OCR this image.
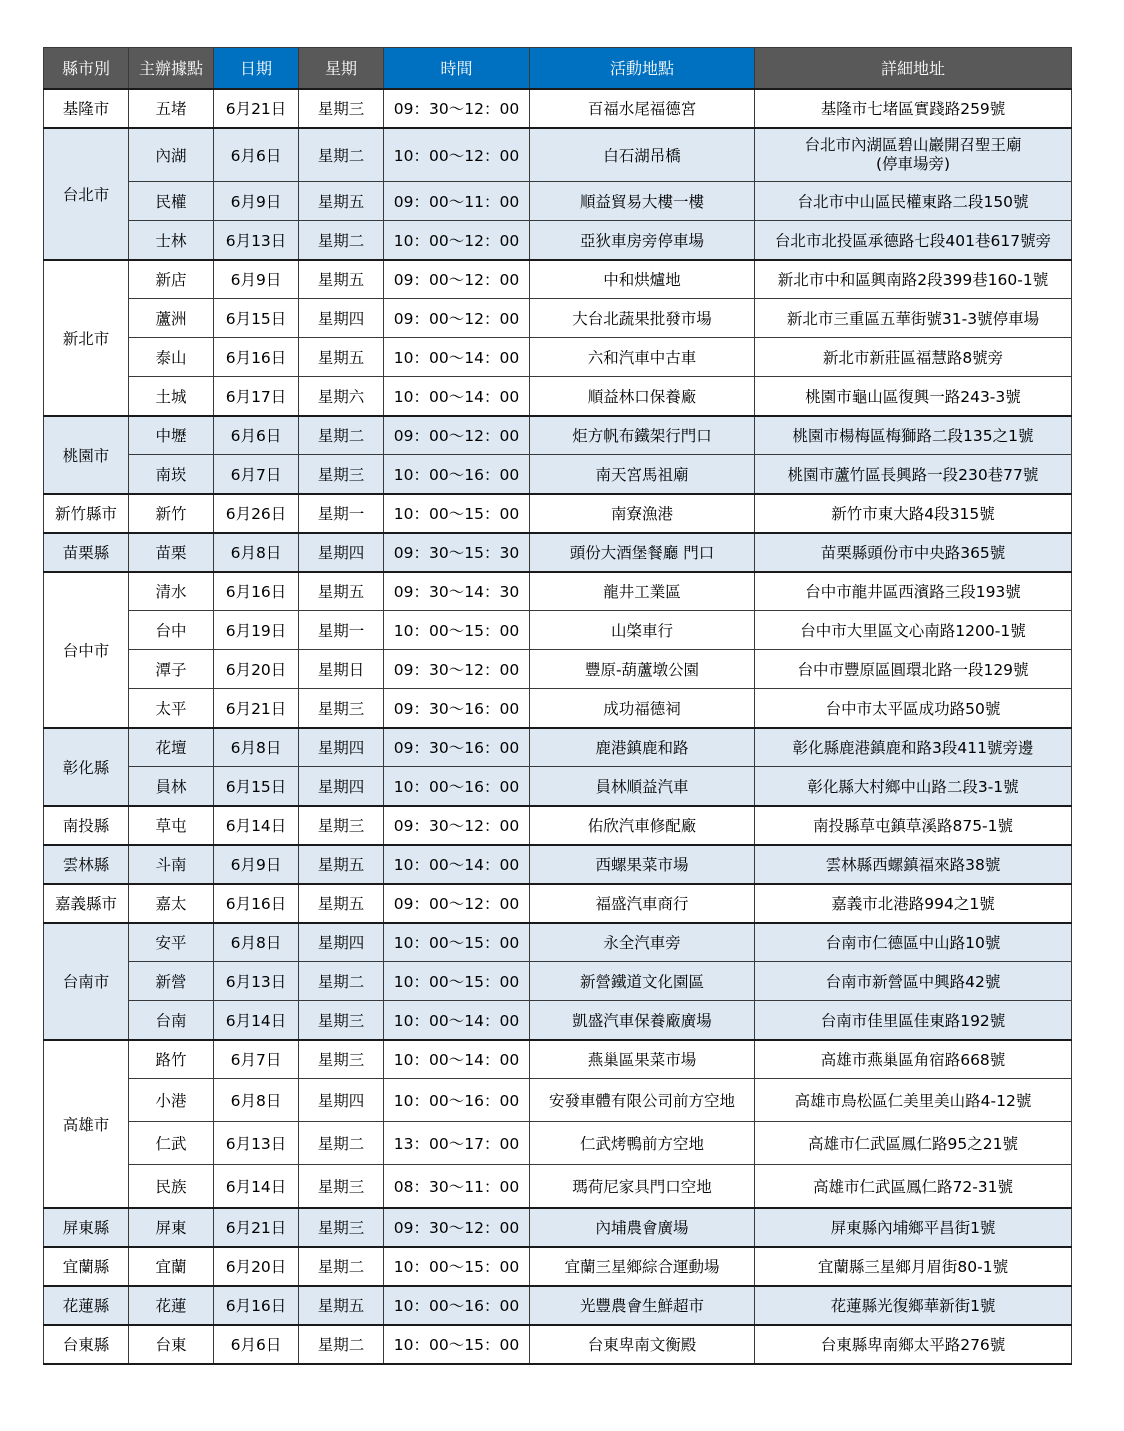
縣市別	主辦據點	日期	星期	時間	活動地點	詳細地址
基隆市	五堵	6月21日	星期三	09：30～12：00	百福水尾福德宮	基隆市七堵區實踐路259號
台北市	內湖	6月6日	星期二	10：00～12：00	白石湖吊橋	台北市內湖區碧山巖開召聖王廟
(停車場旁)
	民權	6月9日	星期五	09：00～11：00	順益貿易大樓一樓	台北市中山區民權東路二段150號
	士林	6月13日	星期二	10：00～12：00	亞狄車房旁停車場	台北市北投區承德路七段401巷617號旁
新北市	新店	6月9日	星期五	09：00～12：00	中和烘爐地	新北市中和區興南路2段399巷160-1號
	蘆洲	6月15日	星期四	09：00～12：00	大台北蔬果批發市場	新北市三重區五華街號31-3號停車場
	泰山	6月16日	星期五	10：00～14：00	六和汽車中古車	新北市新莊區福慧路8號旁
	土城	6月17日	星期六	10：00～14：00	順益林口保養廠	桃園市龜山區復興一路243-3號
桃園市	中壢	6月6日	星期二	09：00～12：00	炬方帆布鐵架行門口	桃園市楊梅區梅獅路二段135之1號
	南崁	6月7日	星期三	10：00～16：00	南天宮馬祖廟	桃園市蘆竹區長興路一段230巷77號
新竹縣市	新竹	6月26日	星期一	10：00～15：00	南寮漁港	新竹市東大路4段315號
苗栗縣	苗栗	6月8日	星期四	09：30～15：30	頭份大酒堡餐廳 門口	苗栗縣頭份市中央路365號
台中市	清水	6月16日	星期五	09：30～14：30	龍井工業區	台中市龍井區西濱路三段193號
	台中	6月19日	星期一	10：00～15：00	山棨車行	台中市大里區文心南路1200-1號
	潭子	6月20日	星期日	09：30～12：00	豐原-葫蘆墩公園	台中市豐原區圓環北路一段129號
	太平	6月21日	星期三	09：30～16：00	成功福德祠	台中市太平區成功路50號
彰化縣	花壇	6月8日	星期四	09：30～16：00	鹿港鎮鹿和路	彰化縣鹿港鎮鹿和路3段411號旁邊
	員林	6月15日	星期四	10：00～16：00	員林順益汽車	彰化縣大村鄉中山路二段3-1號
南投縣	草屯	6月14日	星期三	09：30～12：00	佑欣汽車修配廠	南投縣草屯鎮草溪路875-1號
雲林縣	斗南	6月9日	星期五	10：00～14：00	西螺果菜市場	雲林縣西螺鎮福來路38號
嘉義縣市	嘉太	6月16日	星期五	09：00～12：00	福盛汽車商行	嘉義市北港路994之1號
台南市	安平	6月8日	星期四	10：00～15：00	永全汽車旁	台南市仁德區中山路10號
	新營	6月13日	星期二	10：00～15：00	新營鐵道文化園區	台南市新營區中興路42號
	台南	6月14日	星期三	10：00～14：00	凱盛汽車保養廠廣場	台南市佳里區佳東路192號
高雄市	路竹	6月7日	星期三	10：00～14：00	燕巢區果菜市場	高雄市燕巢區角宿路668號
	小港	6月8日	星期四	10：00～16：00	安發車體有限公司前方空地	高雄市鳥松區仁美里美山路4-12號
	仁武	6月13日	星期二	13：00～17：00	仁武烤鴨前方空地	高雄市仁武區鳳仁路95之21號
	民族	6月14日	星期三	08：30～11：00	瑪荷尼家具門口空地	高雄市仁武區鳳仁路72-31號
屏東縣	屏東	6月21日	星期三	09：30～12：00	內埔農會廣場	屏東縣內埔鄉平昌街1號
宜蘭縣	宜蘭	6月20日	星期二	10：00～15：00	宜蘭三星鄉綜合運動場	宜蘭縣三星鄉月眉街80-1號
花蓮縣	花蓮	6月16日	星期五	10：00～16：00	光豐農會生鮮超市	花蓮縣光復鄉華新街1號
台東縣	台東	6月6日	星期二	10：00～15：00	台東卑南文衡殿	台東縣卑南鄉太平路276號
